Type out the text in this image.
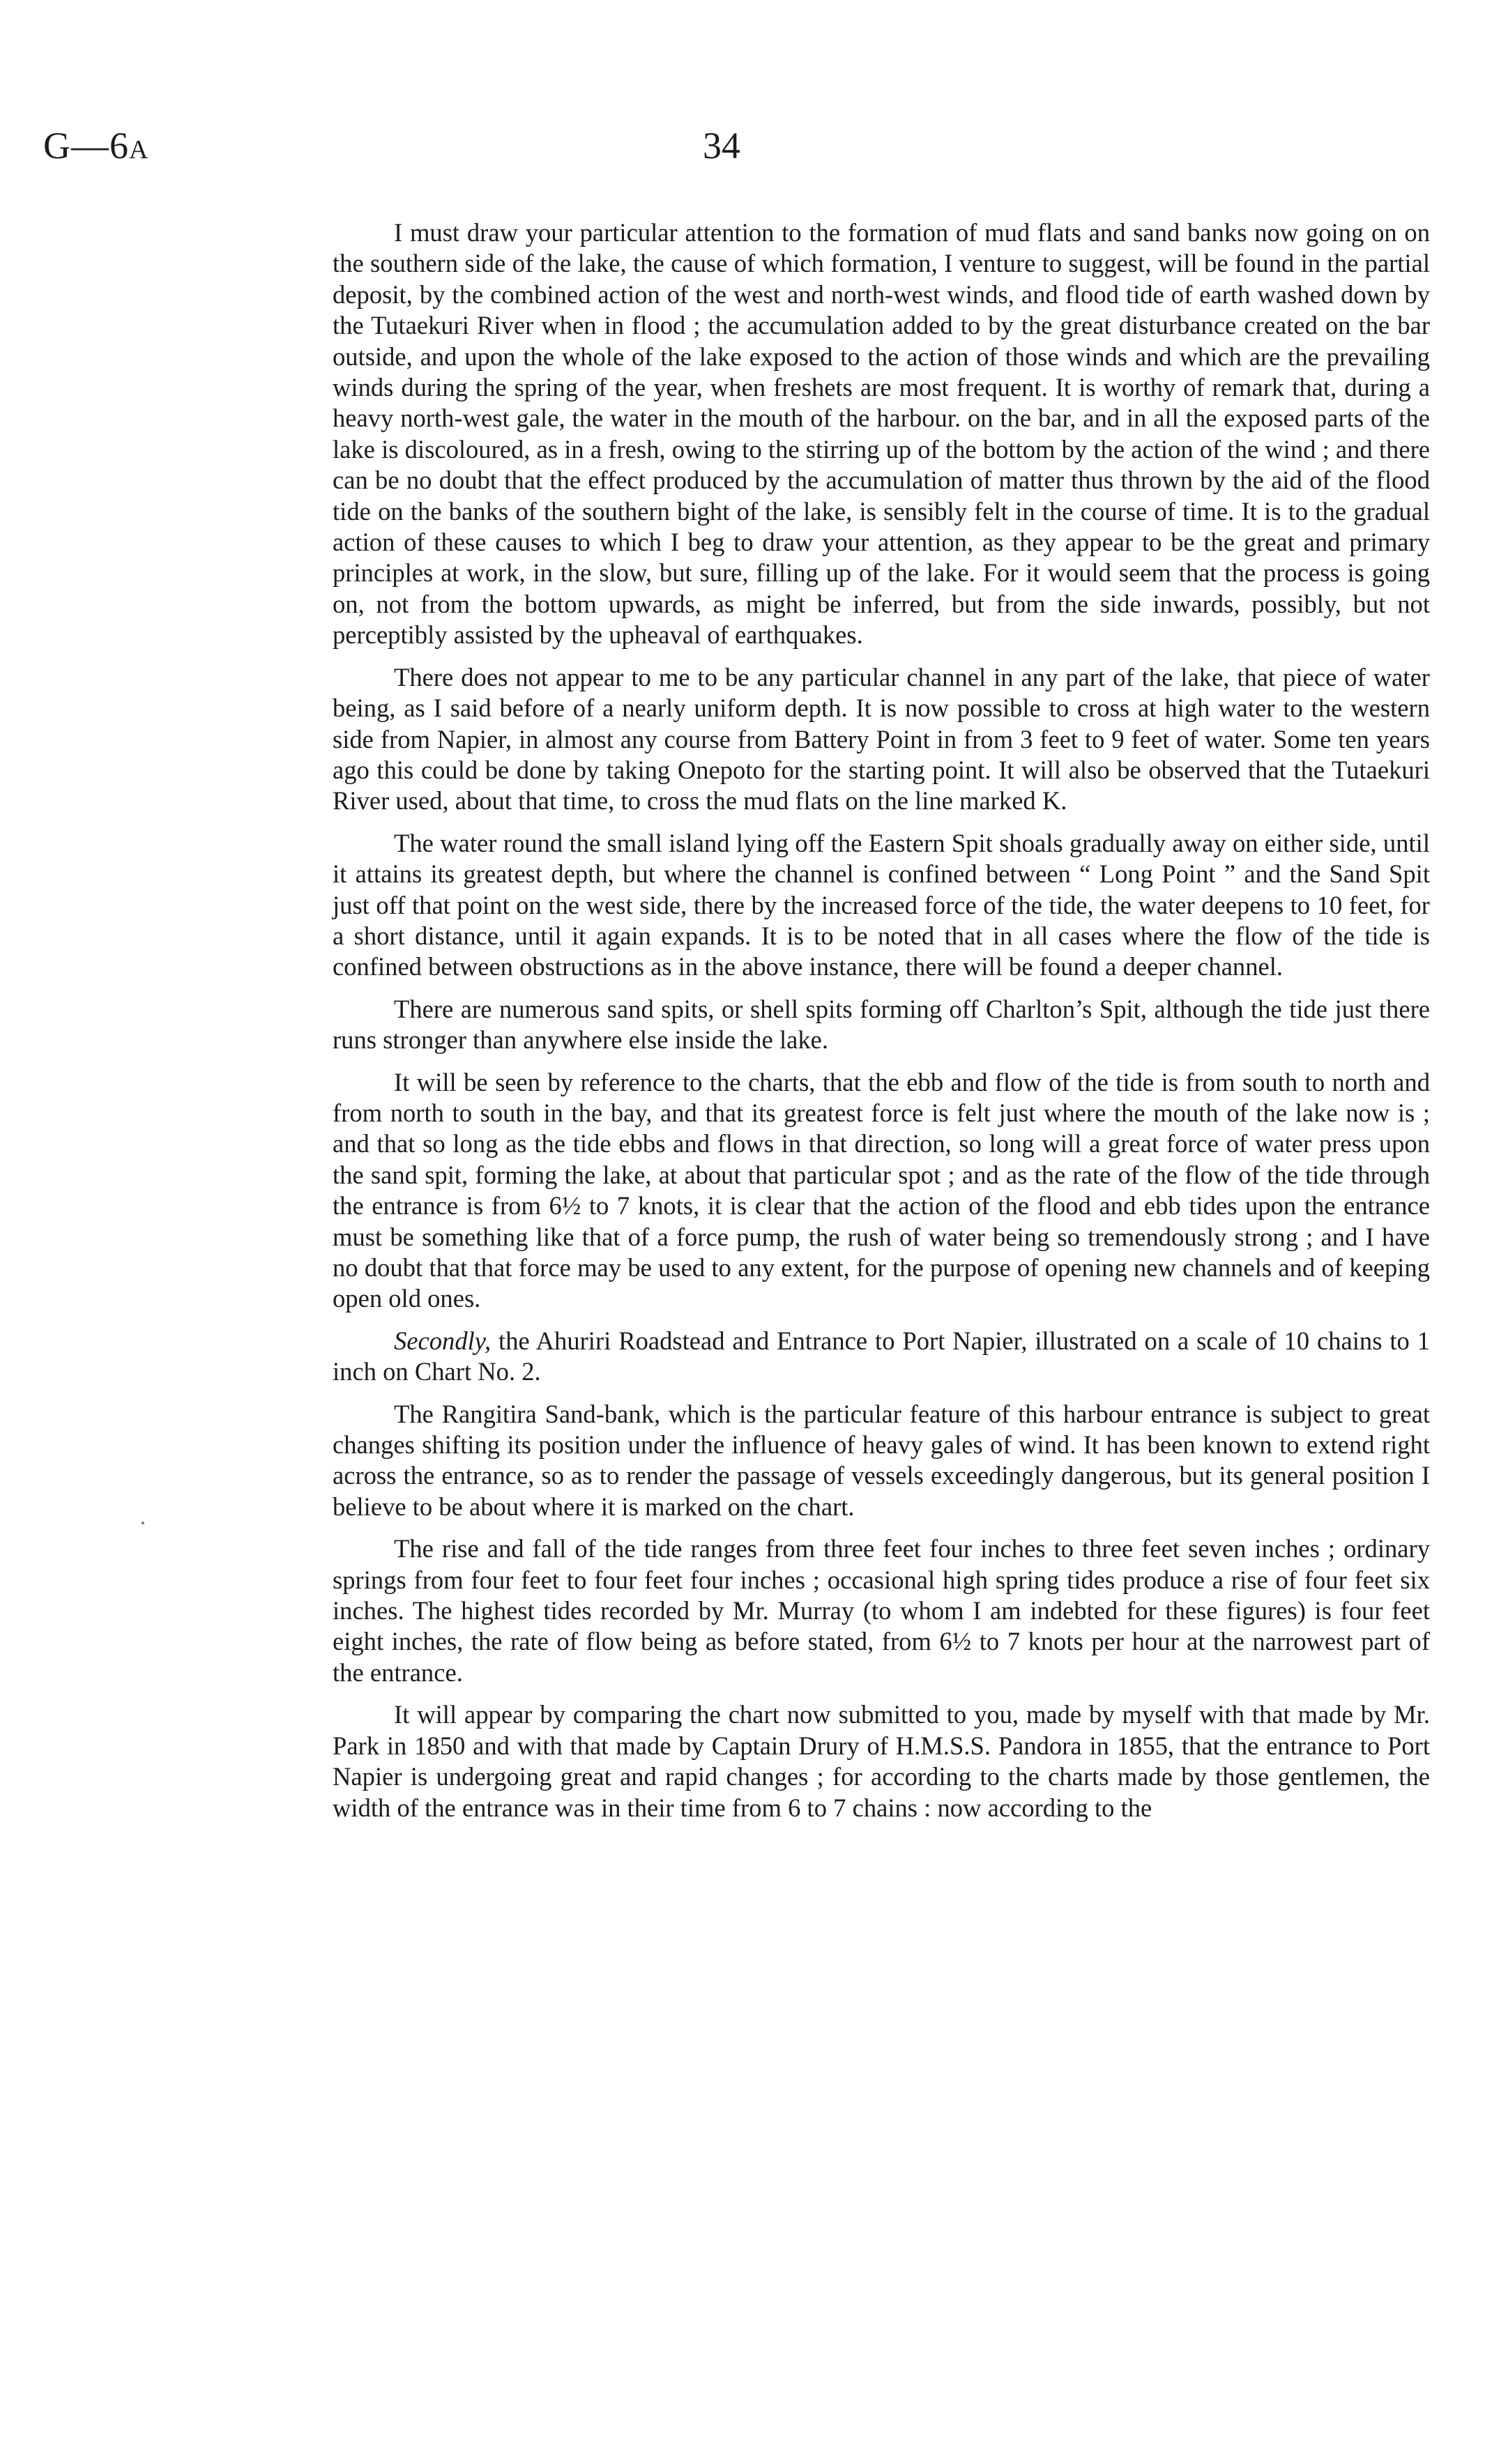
G—6A	34

I must draw your particular attention to the formation of mud flats and sand banks now going on on the southern side of the lake, the cause of which formation, I venture to suggest, will be found in the partial deposit, by the combined action of the west and north-west winds, and flood tide of earth washed down by the Tutaekuri River when in flood ; the accumulation added to by the great disturbance created on the bar outside, and upon the whole of the lake exposed to the action of those winds and which are the prevailing winds during the spring of the year, when freshets are most frequent. It is worthy of remark that, during a heavy north-west gale, the water in the mouth of the harbour. on the bar, and in all the exposed parts of the lake is discoloured, as in a fresh, owing to the stirring up of the bottom by the action of the wind ; and there can be no doubt that the effect produced by the accumulation of matter thus thrown by the aid of the flood tide on the banks of the southern bight of the lake, is sensibly felt in the course of time. It is to the gradual action of these causes to which I beg to draw your attention, as they appear to be the great and primary principles at work, in the slow, but sure, filling up of the lake. For it would seem that the process is going on, not from the bottom upwards, as might be inferred, but from the side inwards, possibly, but not perceptibly assisted by the upheaval of earthquakes.

There does not appear to me to be any particular channel in any part of the lake, that piece of water being, as I said before of a nearly uniform depth. It is now possible to cross at high water to the western side from Napier, in almost any course from Battery Point in from 3 feet to 9 feet of water. Some ten years ago this could be done by taking Onepoto for the starting point. It will also be observed that the Tutaekuri River used, about that time, to cross the mud flats on the line marked K.

The water round the small island lying off the Eastern Spit shoals gradually away on either side, until it attains its greatest depth, but where the channel is confined between “ Long Point ” and the Sand Spit just off that point on the west side, there by the increased force of the tide, the water deepens to 10 feet, for a short distance, until it again expands. It is to be noted that in all cases where the flow of the tide is confined between obstructions as in the above instance, there will be found a deeper channel.

There are numerous sand spits, or shell spits forming off Charlton’s Spit, although the tide just there runs stronger than anywhere else inside the lake.

It will be seen by reference to the charts, that the ebb and flow of the tide is from south to north and from north to south in the bay, and that its greatest force is felt just where the mouth of the lake now is ; and that so long as the tide ebbs and flows in that direction, so long will a great force of water press upon the sand spit, forming the lake, at about that particular spot ; and as the rate of the flow of the tide through the entrance is from 6½ to 7 knots, it is clear that the action of the flood and ebb tides upon the entrance must be something like that of a force pump, the rush of water being so tremendously strong ; and I have no doubt that that force may be used to any extent, for the purpose of opening new channels and of keeping open old ones.

Secondly, the Ahuriri Roadstead and Entrance to Port Napier, illustrated on a scale of 10 chains to 1 inch on Chart No. 2.

The Rangitira Sand-bank, which is the particular feature of this harbour entrance is subject to great changes shifting its position under the influence of heavy gales of wind. It has been known to extend right across the entrance, so as to render the passage of vessels exceedingly dangerous, but its general position I believe to be about where it is marked on the chart.

The rise and fall of the tide ranges from three feet four inches to three feet seven inches ; ordinary springs from four feet to four feet four inches ; occasional high spring tides produce a rise of four feet six inches. The highest tides recorded by Mr. Murray (to whom I am indebted for these figures) is four feet eight inches, the rate of flow being as before stated, from 6½ to 7 knots per hour at the narrowest part of the entrance.

It will appear by comparing the chart now submitted to you, made by myself with that made by Mr. Park in 1850 and with that made by Captain Drury of H.M.S.S. Pandora in 1855, that the entrance to Port Napier is undergoing great and rapid changes ; for according to the charts made by those gentlemen, the width of the entrance was in their time from 6 to 7 chains : now according to the
